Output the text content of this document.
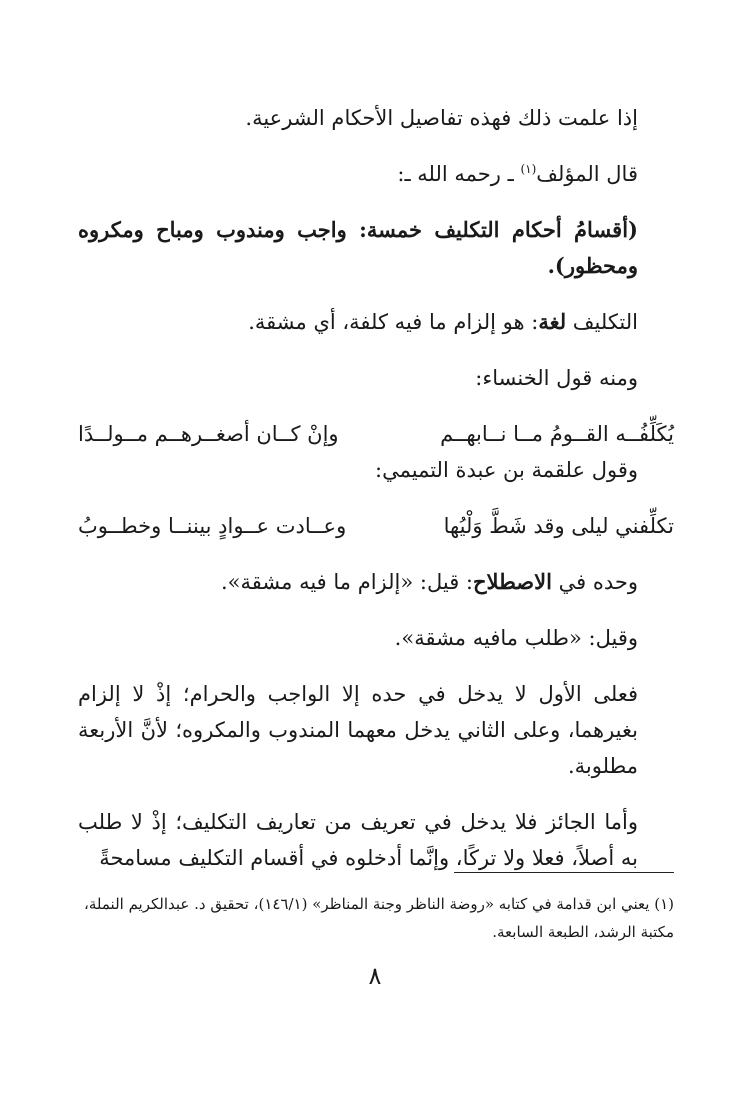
إذا علمت ذلك فهذه تفاصيل الأحكام الشرعية.

قال المؤلف$^{(١)}$ ـ رحمه الله ـ:

(أقسامُ أحكام التكليف خمسة: واجب ومندوب ومباح ومكروه ومحظور).

التكليف لغة: هو إلزام ما فيه كلفة، أي مشقة.

ومنه قول الخنساء:

يُكَلِّفُــه القــومُ مــا نــابهــم
وإنْ كــان أصغــرهــم مــولــدًا

وقول علقمة بن عبدة التميمي:

تكلِّفني ليلى وقد شَطَّ وَلْيُها
وعــادت عــوادٍ بيننــا وخطــوبُ

وحده في الاصطلاح: قيل: «إلزام ما فيه مشقة».

وقيل: «طلب مافيه مشقة».

فعلى الأول لا يدخل في حده إلا الواجب والحرام؛ إذْ لا إلزام بغيرهما، وعلى الثاني يدخل معهما المندوب والمكروه؛ لأنَّ الأربعة مطلوبة.

وأما الجائز فلا يدخل في تعريف من تعاريف التكليف؛ إذْ لا طلب به أصلاً، فعلا ولا تركًا، وإنَّما أدخلوه في أقسام التكليف مسامحةً

(١) يعني ابن قدامة في كتابه «روضة الناظر وجنة المناظر» (١٤٦/١)، تحقيق د. عبدالكريم النملة، مكتبة الرشد، الطبعة السابعة.
٨
